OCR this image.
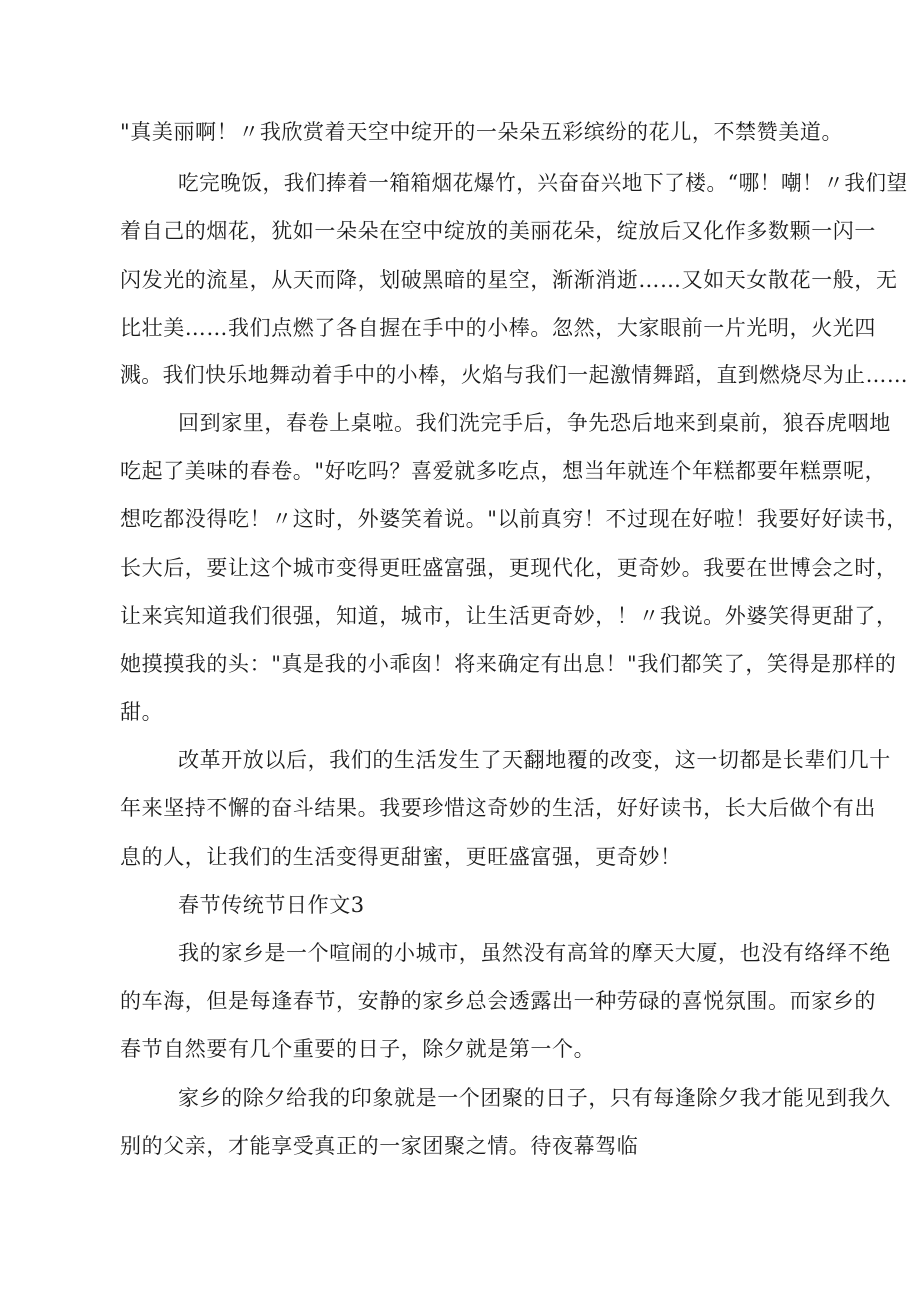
"真美丽啊！〃我欣赏着天空中绽开的一朵朵五彩缤纷的花儿，不禁赞美道。
吃完晚饭，我们捧着一箱箱烟花爆竹，兴奋奋兴地下了楼。“哪！嘲！〃我们望
着自己的烟花，犹如一朵朵在空中绽放的美丽花朵，绽放后又化作多数颗一闪一
闪发光的流星，从天而降，划破黑暗的星空，渐渐消逝……又如天女散花一般，无
比壮美……我们点燃了各自握在手中的小棒。忽然，大家眼前一片光明，火光四
溅。我们快乐地舞动着手中的小棒，火焰与我们一起激情舞蹈，直到燃烧尽为止……
回到家里，春卷上桌啦。我们洗完手后，争先恐后地来到桌前，狼吞虎咽地
吃起了美味的春卷。"好吃吗？喜爱就多吃点，想当年就连个年糕都要年糕票呢，
想吃都没得吃！〃这时，外婆笑着说。"以前真穷！不过现在好啦！我要好好读书，
长大后，要让这个城市变得更旺盛富强，更现代化，更奇妙。我要在世博会之时，
让来宾知道我们很强，知道，城市，让生活更奇妙，！〃我说。外婆笑得更甜了，
她摸摸我的头："真是我的小乖囱！将来确定有出息！"我们都笑了，笑得是那样的
甜。
改革开放以后，我们的生活发生了天翻地覆的改变，这一切都是长辈们几十
年来坚持不懈的奋斗结果。我要珍惜这奇妙的生活，好好读书，长大后做个有出
息的人，让我们的生活变得更甜蜜，更旺盛富强，更奇妙！
春节传统节日作文3
我的家乡是一个喧闹的小城市，虽然没有高耸的摩天大厦，也没有络绎不绝
的车海，但是每逢春节，安静的家乡总会透露出一种劳碌的喜悦氛围。而家乡的
春节自然要有几个重要的日子，除夕就是第一个。
家乡的除夕给我的印象就是一个团聚的日子，只有每逢除夕我才能见到我久
别的父亲，才能享受真正的一家团聚之情。待夜幕驾临
